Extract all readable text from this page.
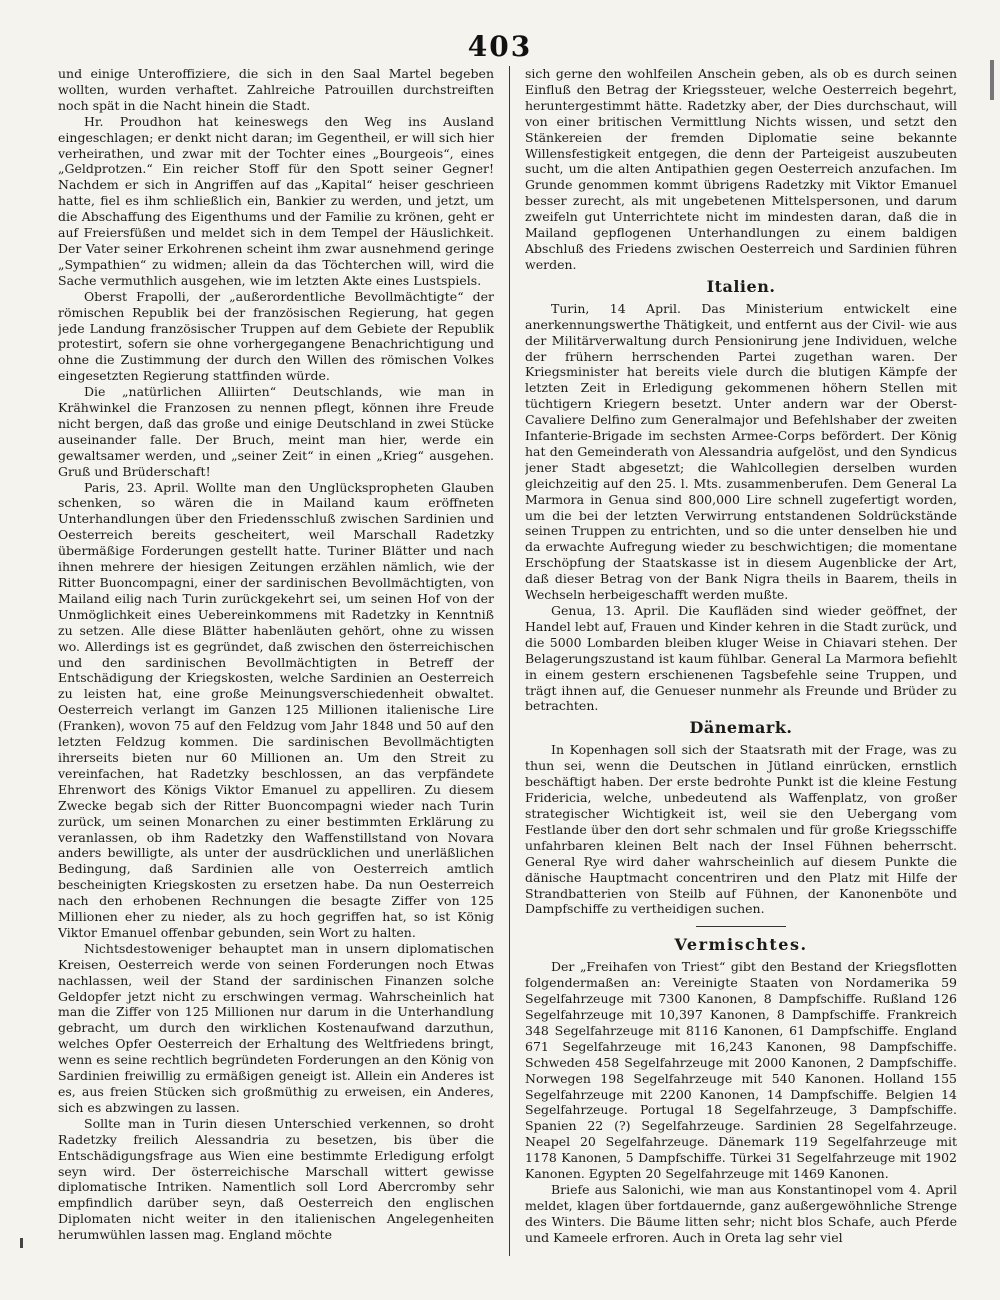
403

und einige Unteroffiziere, die sich in den Saal Martel begeben wollten, wurden verhaftet. Zahlreiche Patrouillen durchstreiften noch spät in die Nacht hinein die Stadt.

Hr. Proudhon hat keineswegs den Weg ins Ausland eingeschlagen; er denkt nicht daran; im Gegentheil, er will sich hier verheirathen, und zwar mit der Tochter eines „Bourgeois“, eines „Geldprotzen.“ Ein reicher Stoff für den Spott seiner Gegner! Nachdem er sich in Angriffen auf das „Kapital“ heiser geschrieen hatte, fiel es ihm schließlich ein, Bankier zu werden, und jetzt, um die Abschaffung des Eigenthums und der Familie zu krönen, geht er auf Freiersfüßen und meldet sich in dem Tempel der Häuslichkeit. Der Vater seiner Erkohrenen scheint ihm zwar ausnehmend geringe „Sympathien“ zu widmen; allein da das Töchterchen will, wird die Sache vermuthlich ausgehen, wie im letzten Akte eines Lustspiels.

Oberst Frapolli, der „außerordentliche Bevollmächtigte“ der römischen Republik bei der französischen Regierung, hat gegen jede Landung französischer Truppen auf dem Gebiete der Republik protestirt, sofern sie ohne vorhergegangene Benachrichtigung und ohne die Zustimmung der durch den Willen des römischen Volkes eingesetzten Regierung stattfinden würde.

Die „natürlichen Alliirten“ Deutschlands, wie man in Krähwinkel die Franzosen zu nennen pflegt, können ihre Freude nicht bergen, daß das große und einige Deutschland in zwei Stücke auseinander falle. Der Bruch, meint man hier, werde ein gewaltsamer werden, und „seiner Zeit“ in einen „Krieg“ ausgehen. Gruß und Brüderschaft!

Paris, 23. April. Wollte man den Unglückspropheten Glauben schenken, so wären die in Mailand kaum eröffneten Unterhandlungen über den Friedensschluß zwischen Sardinien und Oesterreich bereits gescheitert, weil Marschall Radetzky übermäßige Forderungen gestellt hatte. Turiner Blätter und nach ihnen mehrere der hiesigen Zeitungen erzählen nämlich, wie der Ritter Buoncompagni, einer der sardinischen Bevollmächtigten, von Mailand eilig nach Turin zurückgekehrt sei, um seinen Hof von der Unmöglichkeit eines Uebereinkommens mit Radetzky in Kenntniß zu setzen. Alle diese Blätter habenläuten gehört, ohne zu wissen wo. Allerdings ist es gegründet, daß zwischen den österreichischen und den sardinischen Bevollmächtigten in Betreff der Entschädigung der Kriegskosten, welche Sardinien an Oesterreich zu leisten hat, eine große Meinungsverschiedenheit obwaltet. Oesterreich verlangt im Ganzen 125 Millionen italienische Lire (Franken), wovon 75 auf den Feldzug vom Jahr 1848 und 50 auf den letzten Feldzug kommen. Die sardinischen Bevollmächtigten ihrerseits bieten nur 60 Millionen an. Um den Streit zu vereinfachen, hat Radetzky beschlossen, an das verpfändete Ehrenwort des Königs Viktor Emanuel zu appelliren. Zu diesem Zwecke begab sich der Ritter Buoncompagni wieder nach Turin zurück, um seinen Monarchen zu einer bestimmten Erklärung zu veranlassen, ob ihm Radetzky den Waffenstillstand von Novara anders bewilligte, als unter der ausdrücklichen und unerläßlichen Bedingung, daß Sardinien alle von Oesterreich amtlich bescheinigten Kriegskosten zu ersetzen habe. Da nun Oesterreich nach den erhobenen Rechnungen die besagte Ziffer von 125 Millionen eher zu nieder, als zu hoch gegriffen hat, so ist König Viktor Emanuel offenbar gebunden, sein Wort zu halten.

Nichtsdestoweniger behauptet man in unsern diplomatischen Kreisen, Oesterreich werde von seinen Forderungen noch Etwas nachlassen, weil der Stand der sardinischen Finanzen solche Geldopfer jetzt nicht zu erschwingen vermag. Wahrscheinlich hat man die Ziffer von 125 Millionen nur darum in die Unterhandlung gebracht, um durch den wirklichen Kostenaufwand darzuthun, welches Opfer Oesterreich der Erhaltung des Weltfriedens bringt, wenn es seine rechtlich begründeten Forderungen an den König von Sardinien freiwillig zu ermäßigen geneigt ist. Allein ein Anderes ist es, aus freien Stücken sich großmüthig zu erweisen, ein Anderes, sich es abzwingen zu lassen.

Sollte man in Turin diesen Unterschied verkennen, so droht Radetzky freilich Alessandria zu besetzen, bis über die Entschädigungsfrage aus Wien eine bestimmte Erledigung erfolgt seyn wird. Der österreichische Marschall wittert gewisse diplomatische Intriken. Namentlich soll Lord Abercromby sehr empfindlich darüber seyn, daß Oesterreich den englischen Diplomaten nicht weiter in den italienischen Angelegenheiten herumwühlen lassen mag. England möchte

sich gerne den wohlfeilen Anschein geben, als ob es durch seinen Einfluß den Betrag der Kriegssteuer, welche Oesterreich begehrt, heruntergestimmt hätte. Radetzky aber, der Dies durchschaut, will von einer britischen Vermittlung Nichts wissen, und setzt den Stänkereien der fremden Diplomatie seine bekannte Willensfestigkeit entgegen, die denn der Parteigeist auszubeuten sucht, um die alten Antipathien gegen Oesterreich anzufachen. Im Grunde genommen kommt übrigens Radetzky mit Viktor Emanuel besser zurecht, als mit ungebetenen Mittelspersonen, und darum zweifeln gut Unterrichtete nicht im mindesten daran, daß die in Mailand gepflogenen Unterhandlungen zu einem baldigen Abschluß des Friedens zwischen Oesterreich und Sardinien führen werden.

Italien.

Turin, 14 April. Das Ministerium entwickelt eine anerkennungswerthe Thätigkeit, und entfernt aus der Civil- wie aus der Militärverwaltung durch Pensionirung jene Individuen, welche der frühern herrschenden Partei zugethan waren. Der Kriegsminister hat bereits viele durch die blutigen Kämpfe der letzten Zeit in Erledigung gekommenen höhern Stellen mit tüchtigern Kriegern besetzt. Unter andern war der Oberst-Cavaliere Delfino zum Generalmajor und Befehlshaber der zweiten Infanterie-Brigade im sechsten Armee-Corps befördert. Der König hat den Gemeinderath von Alessandria aufgelöst, und den Syndicus jener Stadt abgesetzt; die Wahlcollegien derselben wurden gleichzeitig auf den 25. l. Mts. zusammenberufen. Dem General La Marmora in Genua sind 800,000 Lire schnell zugefertigt worden, um die bei der letzten Verwirrung entstandenen Soldrückstände seinen Truppen zu entrichten, und so die unter denselben hie und da erwachte Aufregung wieder zu beschwichtigen; die momentane Erschöpfung der Staatskasse ist in diesem Augenblicke der Art, daß dieser Betrag von der Bank Nigra theils in Baarem, theils in Wechseln herbeigeschafft werden mußte.

Genua, 13. April. Die Kaufläden sind wieder geöffnet, der Handel lebt auf, Frauen und Kinder kehren in die Stadt zurück, und die 5000 Lombarden bleiben kluger Weise in Chiavari stehen. Der Belagerungszustand ist kaum fühlbar. General La Marmora befiehlt in einem gestern erschienenen Tagsbefehle seine Truppen, und trägt ihnen auf, die Genueser nunmehr als Freunde und Brüder zu betrachten.

Dänemark.

In Kopenhagen soll sich der Staatsrath mit der Frage, was zu thun sei, wenn die Deutschen in Jütland einrücken, ernstlich beschäftigt haben. Der erste bedrohte Punkt ist die kleine Festung Fridericia, welche, unbedeutend als Waffenplatz, von großer strategischer Wichtigkeit ist, weil sie den Uebergang vom Festlande über den dort sehr schmalen und für große Kriegsschiffe unfahrbaren kleinen Belt nach der Insel Fühnen beherrscht. General Rye wird daher wahrscheinlich auf diesem Punkte die dänische Hauptmacht concentriren und den Platz mit Hilfe der Strandbatterien von Steilb auf Fühnen, der Kanonenböte und Dampfschiffe zu vertheidigen suchen.

Vermischtes.

Der „Freihafen von Triest“ gibt den Bestand der Kriegsflotten folgendermaßen an: Vereinigte Staaten von Nordamerika 59 Segelfahrzeuge mit 7300 Kanonen, 8 Dampfschiffe. Rußland 126 Segelfahrzeuge mit 10,397 Kanonen, 8 Dampfschiffe. Frankreich 348 Segelfahrzeuge mit 8116 Kanonen, 61 Dampfschiffe. England 671 Segelfahrzeuge mit 16,243 Kanonen, 98 Dampfschiffe. Schweden 458 Segelfahrzeuge mit 2000 Kanonen, 2 Dampfschiffe. Norwegen 198 Segelfahrzeuge mit 540 Kanonen. Holland 155 Segelfahrzeuge mit 2200 Kanonen, 14 Dampfschiffe. Belgien 14 Segelfahrzeuge. Portugal 18 Segelfahrzeuge, 3 Dampfschiffe. Spanien 22 (?) Segelfahrzeuge. Sardinien 28 Segelfahrzeuge. Neapel 20 Segelfahrzeuge. Dänemark 119 Segelfahrzeuge mit 1178 Kanonen, 5 Dampfschiffe. Türkei 31 Segelfahrzeuge mit 1902 Kanonen. Egypten 20 Segelfahrzeuge mit 1469 Kanonen.

Briefe aus Salonichi, wie man aus Konstantinopel vom 4. April meldet, klagen über fortdauernde, ganz außergewöhnliche Strenge des Winters. Die Bäume litten sehr; nicht blos Schafe, auch Pferde und Kameele erfroren. Auch in Oreta lag sehr viel
